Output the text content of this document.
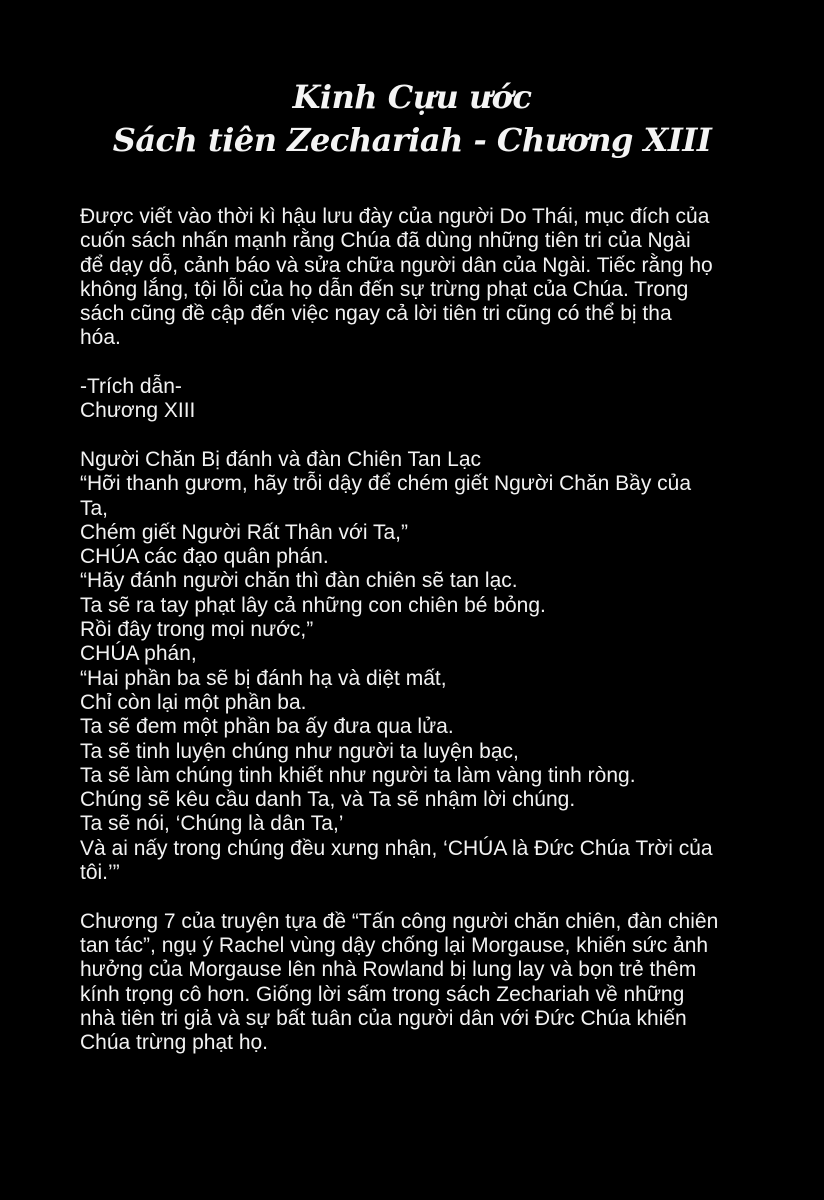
Kinh Cựu ước
Sách tiên Zechariah - Chương XIII
Được viết vào thời kì hậu lưu đày của người Do Thái, mục đích của
cuốn sách nhấn mạnh rằng Chúa đã dùng những tiên tri của Ngài
để dạy dỗ, cảnh báo và sửa chữa người dân của Ngài. Tiếc rằng họ
không lắng, tội lỗi của họ dẫn đến sự trừng phạt của Chúa. Trong
sách cũng đề cập đến việc ngay cả lời tiên tri cũng có thể bị tha
hóa.
-Trích dẫn-
Chương XIII
Người Chăn Bị đánh và đàn Chiên Tan Lạc
“Hỡi thanh gươm, hãy trỗi dậy để chém giết Người Chăn Bầy của
Ta,
Chém giết Người Rất Thân với Ta,”
CHÚA các đạo quân phán.
“Hãy đánh người chăn thì đàn chiên sẽ tan lạc.
Ta sẽ ra tay phạt lây cả những con chiên bé bỏng.
Rồi đây trong mọi nước,”
CHÚA phán,
“Hai phần ba sẽ bị đánh hạ và diệt mất,
Chỉ còn lại một phần ba.
Ta sẽ đem một phần ba ấy đưa qua lửa.
Ta sẽ tinh luyện chúng như người ta luyện bạc,
Ta sẽ làm chúng tinh khiết như người ta làm vàng tinh ròng.
Chúng sẽ kêu cầu danh Ta, và Ta sẽ nhậm lời chúng.
Ta sẽ nói, ‘Chúng là dân Ta,’
Và ai nấy trong chúng đều xưng nhận, ‘CHÚA là Đức Chúa Trời của
tôi.’”
Chương 7 của truyện tựa đề “Tấn công người chăn chiên, đàn chiên
tan tác”, ngụ ý Rachel vùng dậy chống lại Morgause, khiến sức ảnh
hưởng của Morgause lên nhà Rowland bị lung lay và bọn trẻ thêm
kính trọng cô hơn. Giống lời sấm trong sách Zechariah về những
nhà tiên tri giả và sự bất tuân của người dân với Đức Chúa khiến
Chúa trừng phạt họ.
